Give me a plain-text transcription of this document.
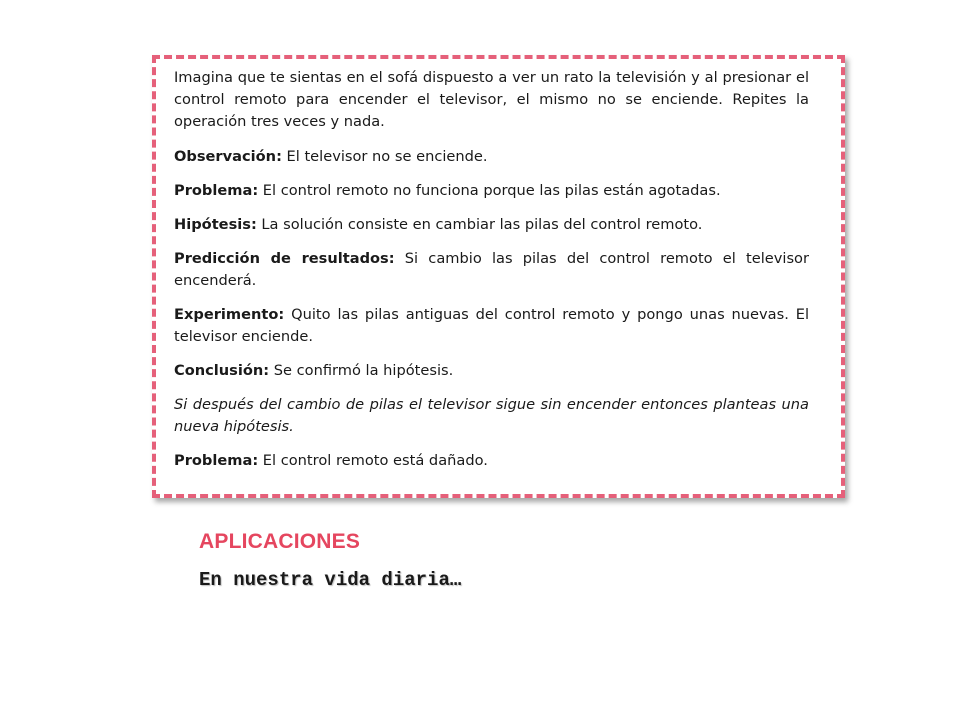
Imagina que te sientas en el sofá dispuesto a ver un rato la televisión y al presionar el control remoto para encender el televisor, el mismo no se enciende. Repites la operación tres veces y nada.

Observación: El televisor no se enciende.

Problema: El control remoto no funciona porque las pilas están agotadas.

Hipótesis: La solución consiste en cambiar las pilas del control remoto.

Predicción de resultados: Si cambio las pilas del control remoto el televisor encenderá.

Experimento: Quito las pilas antiguas del control remoto y pongo unas nuevas. El televisor enciende.

Conclusión: Se confirmó la hipótesis.

Si después del cambio de pilas el televisor sigue sin encender entonces planteas una nueva hipótesis.

Problema: El control remoto está dañado.

APLICACIONES

En nuestra vida diaria…
